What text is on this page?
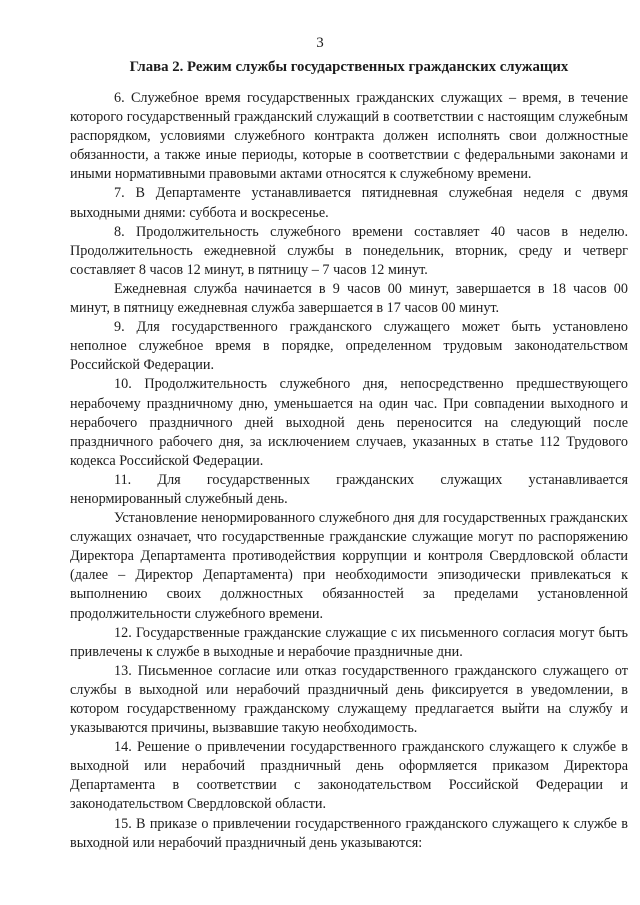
3
Глава 2. Режим службы государственных гражданских служащих

6. Служебное время государственных гражданских служащих – время, в течение которого государственный гражданский служащий в соответствии с настоящим служебным распорядком, условиями служебного контракта должен исполнять свои должностные обязанности, а также иные периоды, которые в соответствии с федеральными законами и иными нормативными правовыми актами относятся к служебному времени.

7. В Департаменте устанавливается пятидневная служебная неделя с двумя выходными днями: суббота и воскресенье.

8. Продолжительность служебного времени составляет 40 часов в неделю. Продолжительность ежедневной службы в понедельник, вторник, среду и четверг составляет 8 часов 12 минут, в пятницу – 7 часов 12 минут.

Ежедневная служба начинается в 9 часов 00 минут, завершается в 18 часов 00 минут, в пятницу ежедневная служба завершается в 17 часов 00 минут.

9. Для государственного гражданского служащего может быть установлено неполное служебное время в порядке, определенном трудовым законодательством Российской Федерации.

10. Продолжительность служебного дня, непосредственно предшествующего нерабочему праздничному дню, уменьшается на один час. При совпадении выходного и нерабочего праздничного дней выходной день переносится на следующий после праздничного рабочего дня, за исключением случаев, указанных в статье 112 Трудового кодекса Российской Федерации.

11. Для государственных гражданских служащих устанавливается ненормированный служебный день.

Установление ненормированного служебного дня для государственных гражданских служащих означает, что государственные гражданские служащие могут по распоряжению Директора Департамента противодействия коррупции и контроля Свердловской области (далее – Директор Департамента) при необходимости эпизодически привлекаться к выполнению своих должностных обязанностей за пределами установленной продолжительности служебного времени.

12. Государственные гражданские служащие с их письменного согласия могут быть привлечены к службе в выходные и нерабочие праздничные дни.

13. Письменное согласие или отказ государственного гражданского служащего от службы в выходной или нерабочий праздничный день фиксируется в уведомлении, в котором государственному гражданскому служащему предлагается выйти на службу и указываются причины, вызвавшие такую необходимость.

14. Решение о привлечении государственного гражданского служащего к службе в выходной или нерабочий праздничный день оформляется приказом Директора Департамента в соответствии с законодательством Российской Федерации и законодательством Свердловской области.

15. В приказе о привлечении государственного гражданского служащего к службе в выходной или нерабочий праздничный день указываются:
